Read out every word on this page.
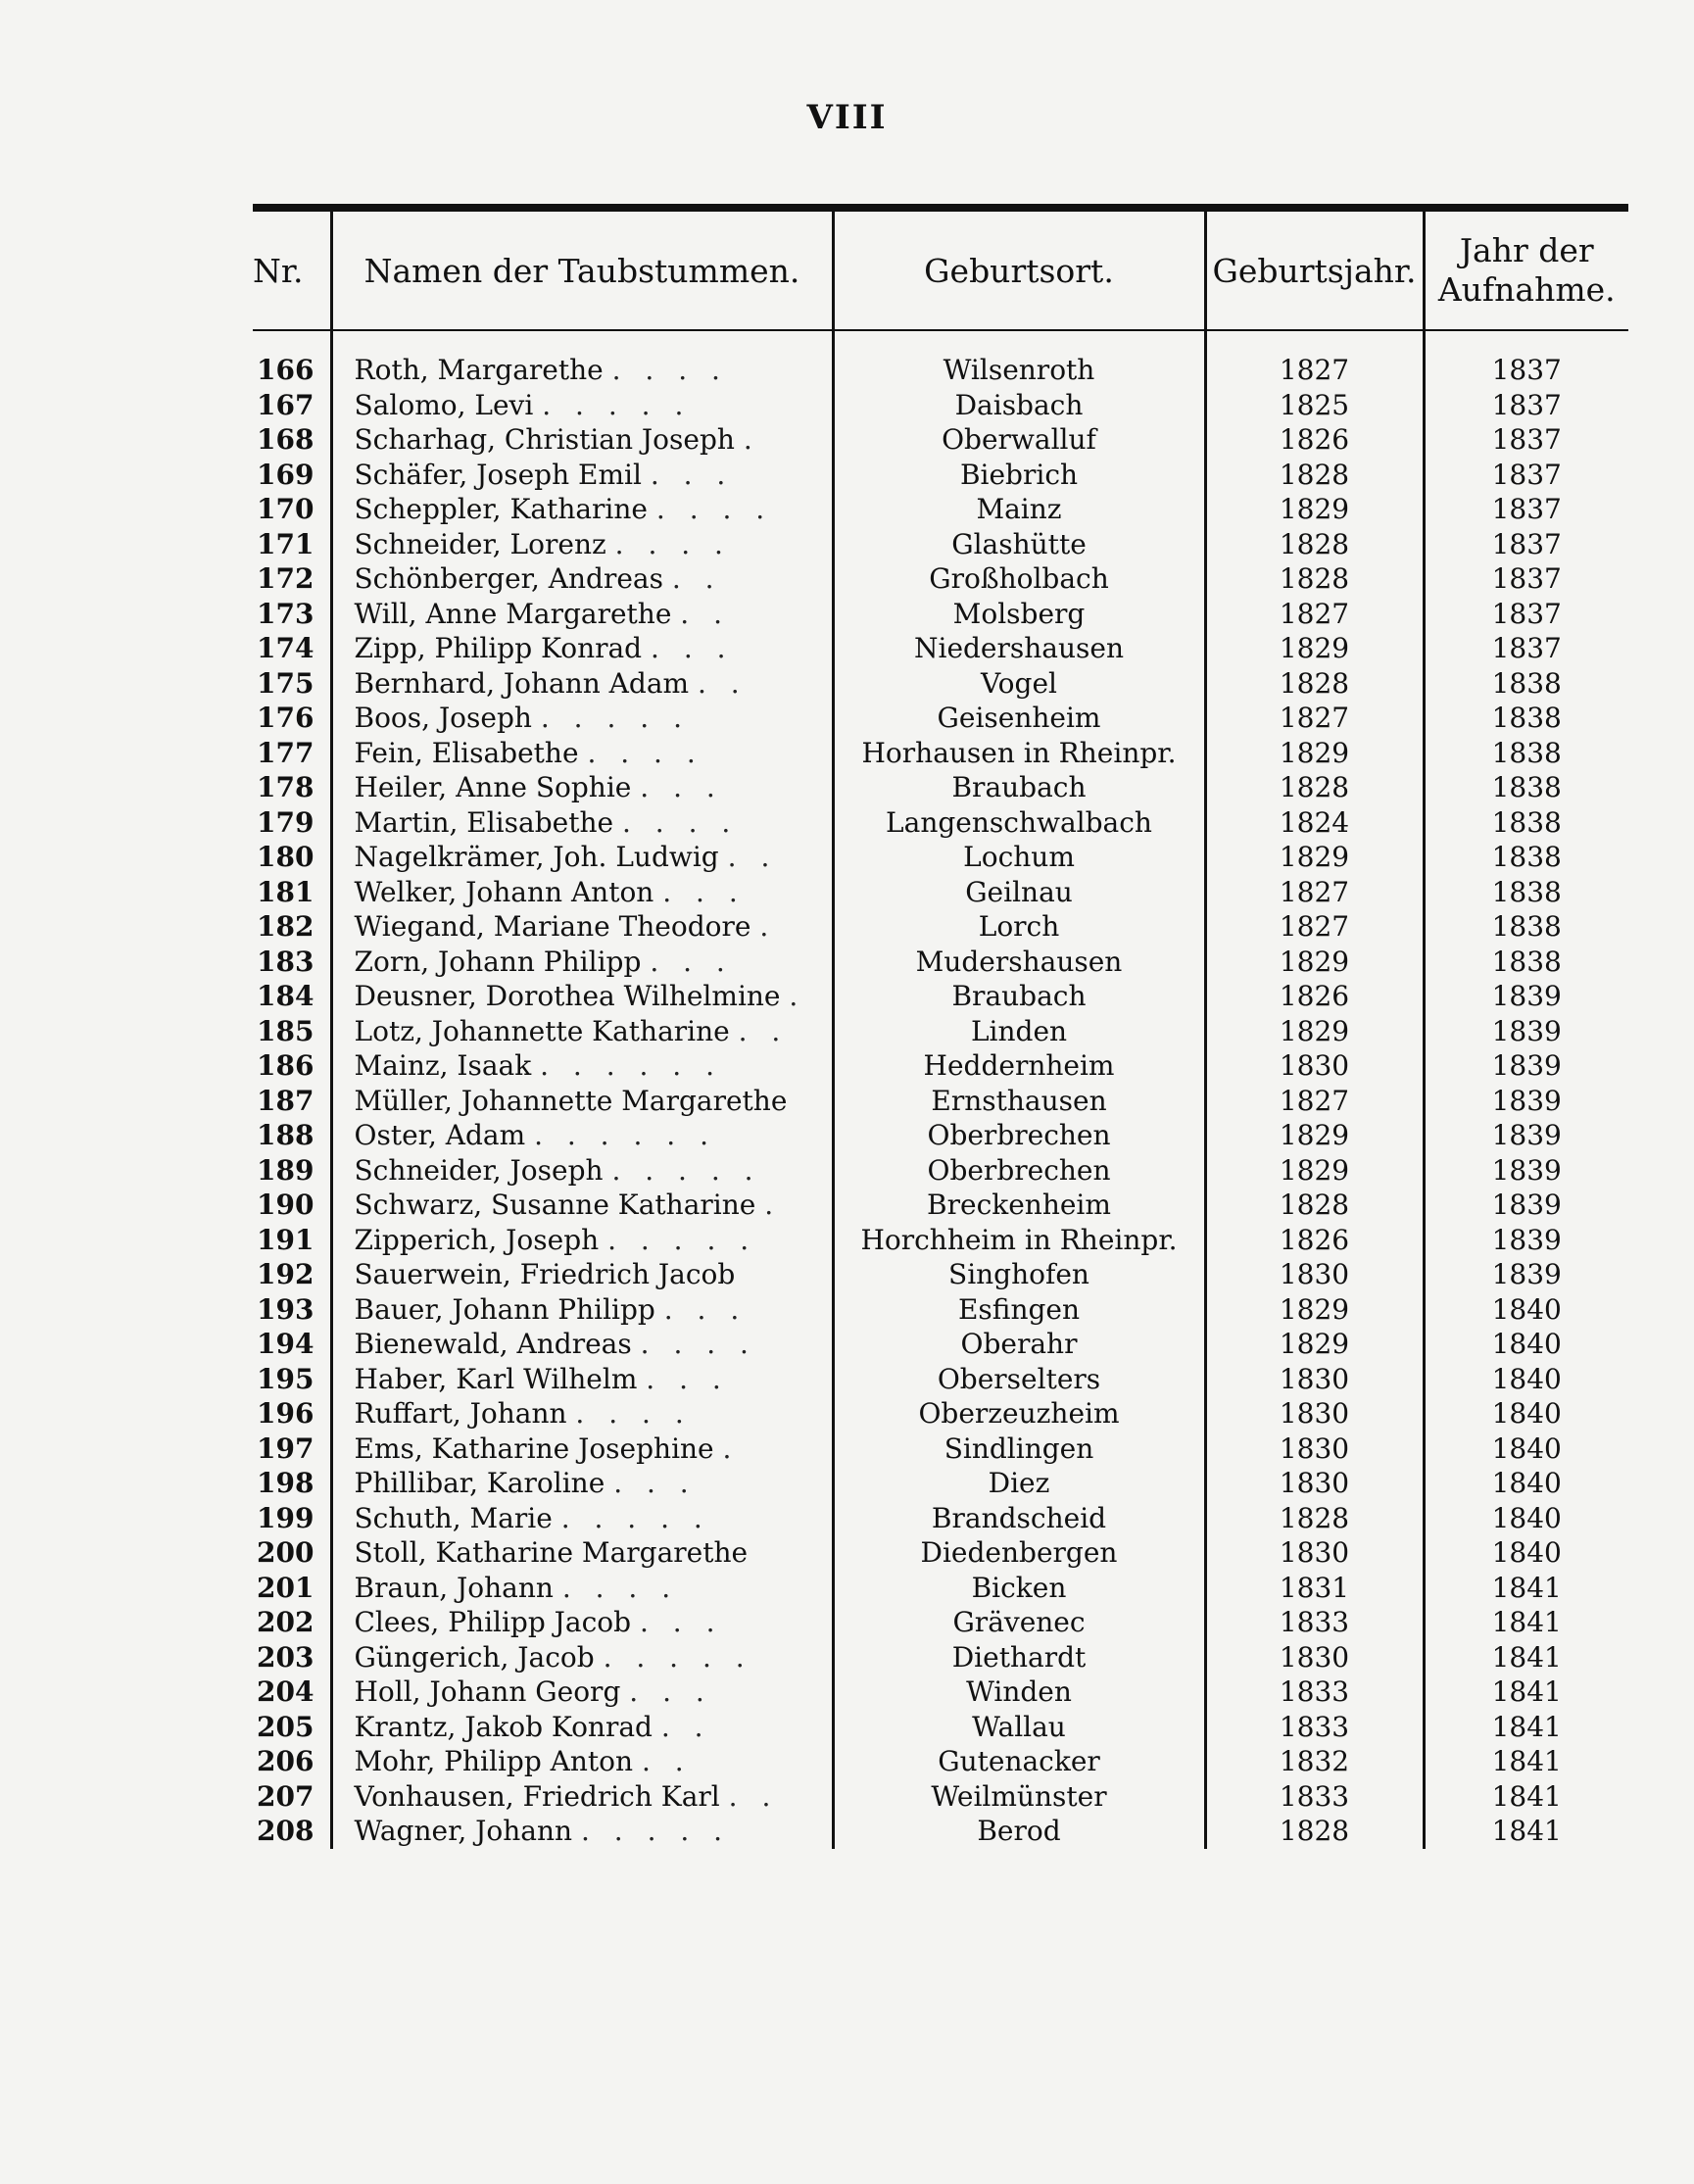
VIII
Nr.	Namen der Taubstummen.	Geburtsort.	Geburtsjahr.	Jahr der
Aufnahme.

166	Roth, Margarethe . . . .	Wilsenroth	1827	1837
167	Salomo, Levi . . . . .	Daisbach	1825	1837
168	Scharhag, Christian Joseph .	Oberwalluf	1826	1837
169	Schäfer, Joseph Emil . . .	Biebrich	1828	1837
170	Scheppler, Katharine . . . .	Mainz	1829	1837
171	Schneider, Lorenz . . . .	Glashütte	1828	1837
172	Schönberger, Andreas . .	Großholbach	1828	1837
173	Will, Anne Margarethe . .	Molsberg	1827	1837
174	Zipp, Philipp Konrad . . .	Niedershausen	1829	1837
175	Bernhard, Johann Adam . .	Vogel	1828	1838
176	Boos, Joseph . . . . .	Geisenheim	1827	1838
177	Fein, Elisabethe . . . .	Horhausen in Rheinpr.	1829	1838
178	Heiler, Anne Sophie . . .	Braubach	1828	1838
179	Martin, Elisabethe . . . .	Langenschwalbach	1824	1838
180	Nagelkrämer, Joh. Ludwig . .	Lochum	1829	1838
181	Welker, Johann Anton . . .	Geilnau	1827	1838
182	Wiegand, Mariane Theodore .	Lorch	1827	1838
183	Zorn, Johann Philipp . . .	Mudershausen	1829	1838
184	Deusner, Dorothea Wilhelmine .	Braubach	1826	1839
185	Lotz, Johannette Katharine . .	Linden	1829	1839
186	Mainz, Isaak . . . . . .	Heddernheim	1830	1839
187	Müller, Johannette Margarethe	Ernsthausen	1827	1839
188	Oster, Adam . . . . . .	Oberbrechen	1829	1839
189	Schneider, Joseph . . . . .	Oberbrechen	1829	1839
190	Schwarz, Susanne Katharine .	Breckenheim	1828	1839
191	Zipperich, Joseph . . . . .	Horchheim in Rheinpr.	1826	1839
192	Sauerwein, Friedrich Jacob	Singhofen	1830	1839
193	Bauer, Johann Philipp . . .	Esfingen	1829	1840
194	Bienewald, Andreas . . . .	Oberahr	1829	1840
195	Haber, Karl Wilhelm . . .	Oberselters	1830	1840
196	Ruffart, Johann . . . .	Oberzeuzheim	1830	1840
197	Ems, Katharine Josephine .	Sindlingen	1830	1840
198	Phillibar, Karoline . . .	Diez	1830	1840
199	Schuth, Marie . . . . .	Brandscheid	1828	1840
200	Stoll, Katharine Margarethe	Diedenbergen	1830	1840
201	Braun, Johann . . . .	Bicken	1831	1841
202	Clees, Philipp Jacob . . .	Grävenec	1833	1841
203	Güngerich, Jacob . . . . .	Diethardt	1830	1841
204	Holl, Johann Georg . . .	Winden	1833	1841
205	Krantz, Jakob Konrad . .	Wallau	1833	1841
206	Mohr, Philipp Anton . .	Gutenacker	1832	1841
207	Vonhausen, Friedrich Karl . .	Weilmünster	1833	1841
208	Wagner, Johann . . . . .	Berod	1828	1841
